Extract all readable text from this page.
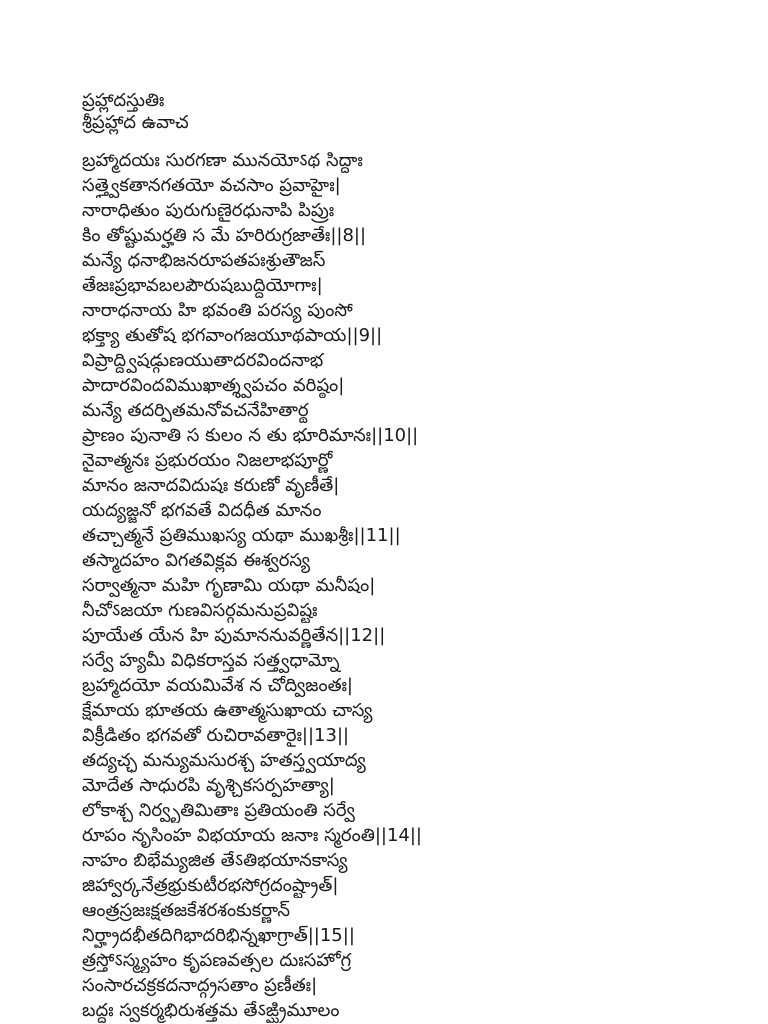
ప్రహ్లాదస్తుతిః
శ్రీప్రహ్లాద ఉవాచ
బ్రహ్మాదయః సురగణా మునయోऽథ సిద్ధాః
సత్త్వైకతానగతయో వచసాం ప్రవాహైః|
నారాధితుం పురుగుణైరధునాపి పిప్రుః
కిం తోష్టుమర్హతి స మే హరిరుగ్రజాతేః||8||
మన్యే ధనాభిజనరూపతపఃశ్రుతౌజస్
తేజఃప్రభావబలపౌరుషబుద్ధియోగాః|
నారాధనాయ హి భవంతి పరస్య పుంసో
భక్త్యా తుతోష భగవాంగజయూథపాయ||9||
విప్రాద్ద్విషడ్గుణయుతాదరవిందనాభ
పాదారవిందవిముఖాత్శ్వపచం వరిష్ఠం|
మన్యే తదర్పితమనోవచనేహితార్థ
ప్రాణం పునాతి స కులం న తు భూరిమానః||10||
నైవాత్మనః ప్రభురయం నిజలాభపూర్ణో
మానం జనాదవిదుషః కరుణో వృణీతే|
యద్యజ్జనో భగవతే విదధీత మానం
తచ్చాత్మనే ప్రతిముఖస్య యథా ముఖశ్రీః||11||
తస్మాదహం విగతవిక్లవ ఈశ్వరస్య
సర్వాత్మనా మహి గృణామి యథా మనీషం|
నీచోऽజయా గుణవిసర్గమనుప్రవిష్టః
పూయేత యేన హి పుమాననువర్ణితేన||12||
సర్వే హ్యమీ విధికరాస్తవ సత్త్వధామ్నో
బ్రహ్మాదయో వయమివేశ న చోద్విజంతః|
క్షేమాయ భూతయ ఉతాత్మసుఖాయ చాస్య
విక్రీడితం భగవతో రుచిరావతారైః||13||
తద్యచ్ఛ మన్యుమసురశ్చ హతస్త్వయాద్య
మోదేత సాధురపి వృశ్చికసర్పహత్యా|
లోకాశ్చ నిర్వృతిమితాః ప్రతియంతి సర్వే
రూపం నృసింహ విభయాయ జనాః స్మరంతి||14||
నాహం బిభేమ్యజిత తేऽతిభయానకాస్య
జిహ్వార్కనేత్రభ్రుకుటీరభసోగ్రదంష్ట్రాత్|
ఆంత్రస్రజఃక్షతజకేశరశంకుకర్ణాన్
నిర్హ్రాదభీతదిగిభాదరిభిన్నఖాగ్రాత్||15||
త్రస్తోऽస్మ్యహం కృపణవత్సల దుఃసహోగ్ర
సంసారచక్రకదనాద్గ్రసతాం ప్రణీతః|
బద్ధః స్వకర్మభిరుశత్తమ తేऽఙ్ఘ్రిమూలం
